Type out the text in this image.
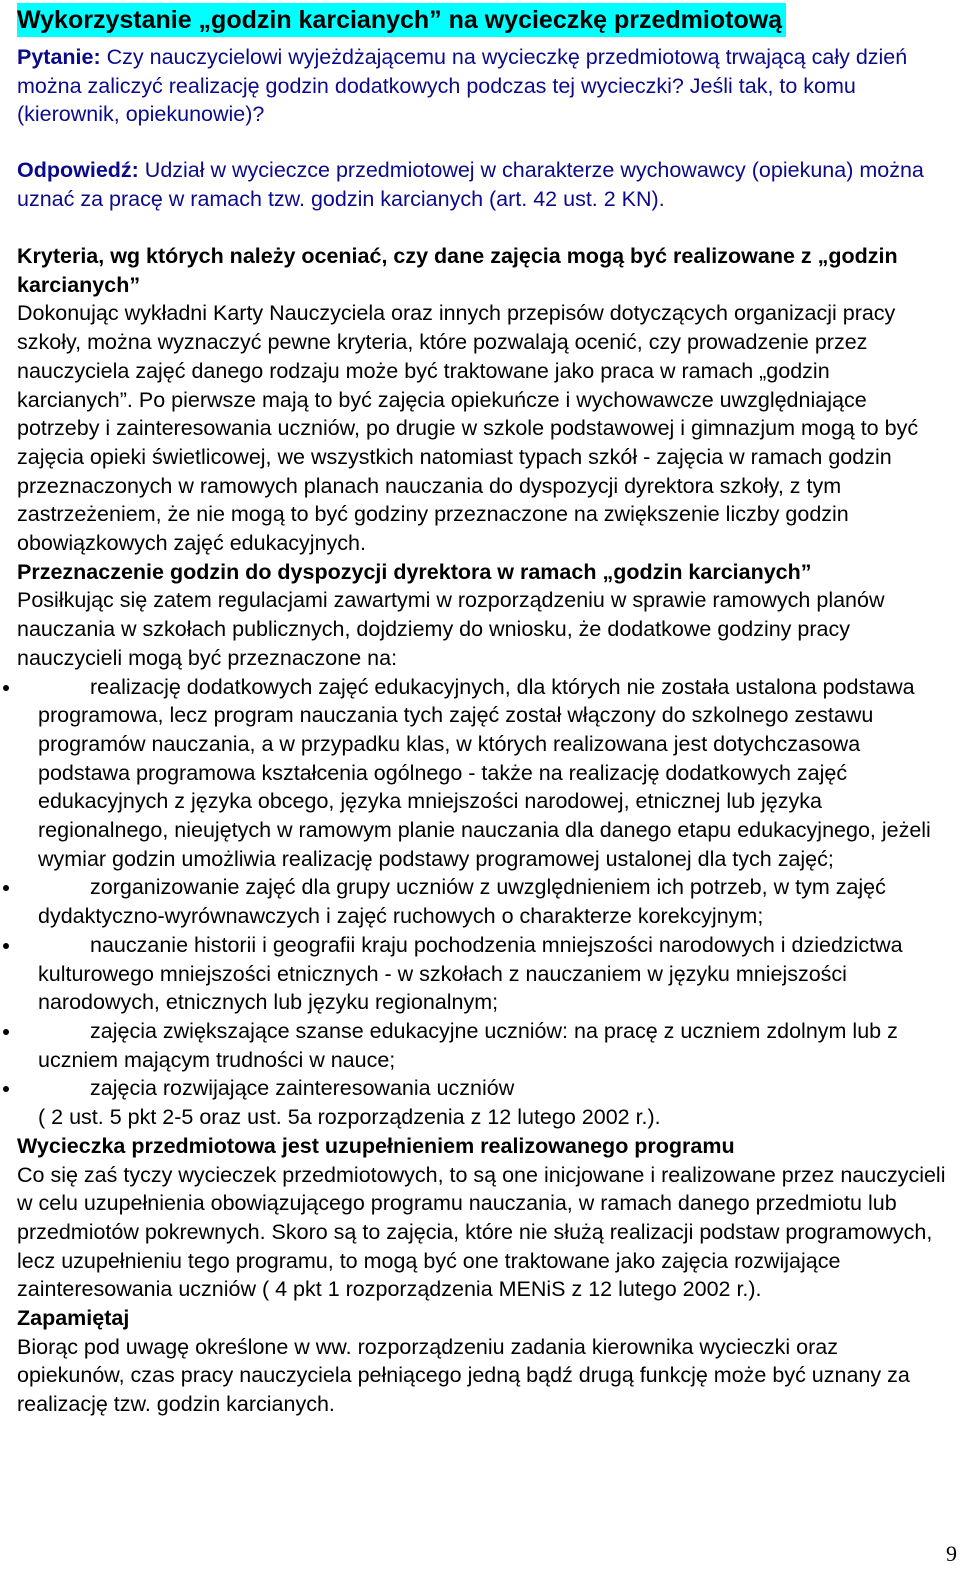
Wykorzystanie „godzin karcianych” na wycieczkę przedmiotową
Pytanie: Czy nauczycielowi wyjeżdżającemu na wycieczkę przedmiotową trwającą cały dzień można zaliczyć realizację godzin dodatkowych podczas tej wycieczki? Jeśli tak, to komu (kierownik, opiekunowie)?
Odpowiedź: Udział w wycieczce przedmiotowej w charakterze wychowawcy (opiekuna) można uznać za pracę w ramach tzw. godzin karcianych (art. 42 ust. 2 KN).
Kryteria, wg których należy oceniać, czy dane zajęcia mogą być realizowane z „godzin karcianych”
Dokonując wykładni Karty Nauczyciela oraz innych przepisów dotyczących organizacji pracy szkoły, można wyznaczyć pewne kryteria, które pozwalają ocenić, czy prowadzenie przez nauczyciela zajęć danego rodzaju może być traktowane jako praca w ramach „godzin karcianych”. Po pierwsze mają to być zajęcia opiekuńcze i wychowawcze uwzględniające potrzeby i zainteresowania uczniów, po drugie w szkole podstawowej i gimnazjum mogą to być zajęcia opieki świetlicowej, we wszystkich natomiast typach szkół - zajęcia w ramach godzin przeznaczonych w ramowych planach nauczania do dyspozycji dyrektora szkoły, z tym zastrzeżeniem, że nie mogą to być godziny przeznaczone na zwiększenie liczby godzin obowiązkowych zajęć edukacyjnych.
Przeznaczenie godzin do dyspozycji dyrektora w ramach „godzin karcianych”
Posiłkując się zatem regulacjami zawartymi w rozporządzeniu w sprawie ramowych planów nauczania w szkołach publicznych, dojdziemy do wniosku, że dodatkowe godziny pracy nauczycieli mogą być przeznaczone na:
realizację dodatkowych zajęć edukacyjnych, dla których nie została ustalona podstawa programowa, lecz program nauczania tych zajęć został włączony do szkolnego zestawu programów nauczania, a w przypadku klas, w których realizowana jest dotychczasowa podstawa programowa kształcenia ogólnego - także na realizację dodatkowych zajęć edukacyjnych z języka obcego, języka mniejszości narodowej, etnicznej lub języka regionalnego, nieujętych w ramowym planie nauczania dla danego etapu edukacyjnego, jeżeli wymiar godzin umożliwia realizację podstawy programowej ustalonej dla tych zajęć;
zorganizowanie zajęć dla grupy uczniów z uwzględnieniem ich potrzeb, w tym zajęć dydaktyczno-wyrównawczych i zajęć ruchowych o charakterze korekcyjnym;
nauczanie historii i geografii kraju pochodzenia mniejszości narodowych i dziedzictwa kulturowego mniejszości etnicznych - w szkołach z nauczaniem w języku mniejszości narodowych, etnicznych lub języku regionalnym;
zajęcia zwiększające szanse edukacyjne uczniów: na pracę z uczniem zdolnym lub z uczniem mającym trudności w nauce;
zajęcia rozwijające zainteresowania uczniów
( 2 ust. 5 pkt 2-5 oraz ust. 5a rozporządzenia z 12 lutego 2002 r.).
Wycieczka przedmiotowa jest uzupełnieniem realizowanego programu
Co się zaś tyczy wycieczek przedmiotowych, to są one inicjowane i realizowane przez nauczycieli w celu uzupełnienia obowiązującego programu nauczania, w ramach danego przedmiotu lub przedmiotów pokrewnych. Skoro są to zajęcia, które nie służą realizacji podstaw programowych, lecz uzupełnieniu tego programu, to mogą być one traktowane jako zajęcia rozwijające zainteresowania uczniów ( 4 pkt 1 rozporządzenia MENiS z 12 lutego 2002 r.).
Zapamiętaj
Biorąc pod uwagę określone w ww. rozporządzeniu zadania kierownika wycieczki oraz opiekunów, czas pracy nauczyciela pełniącego jedną bądź drugą funkcję może być uznany za realizację tzw. godzin karcianych.
9
